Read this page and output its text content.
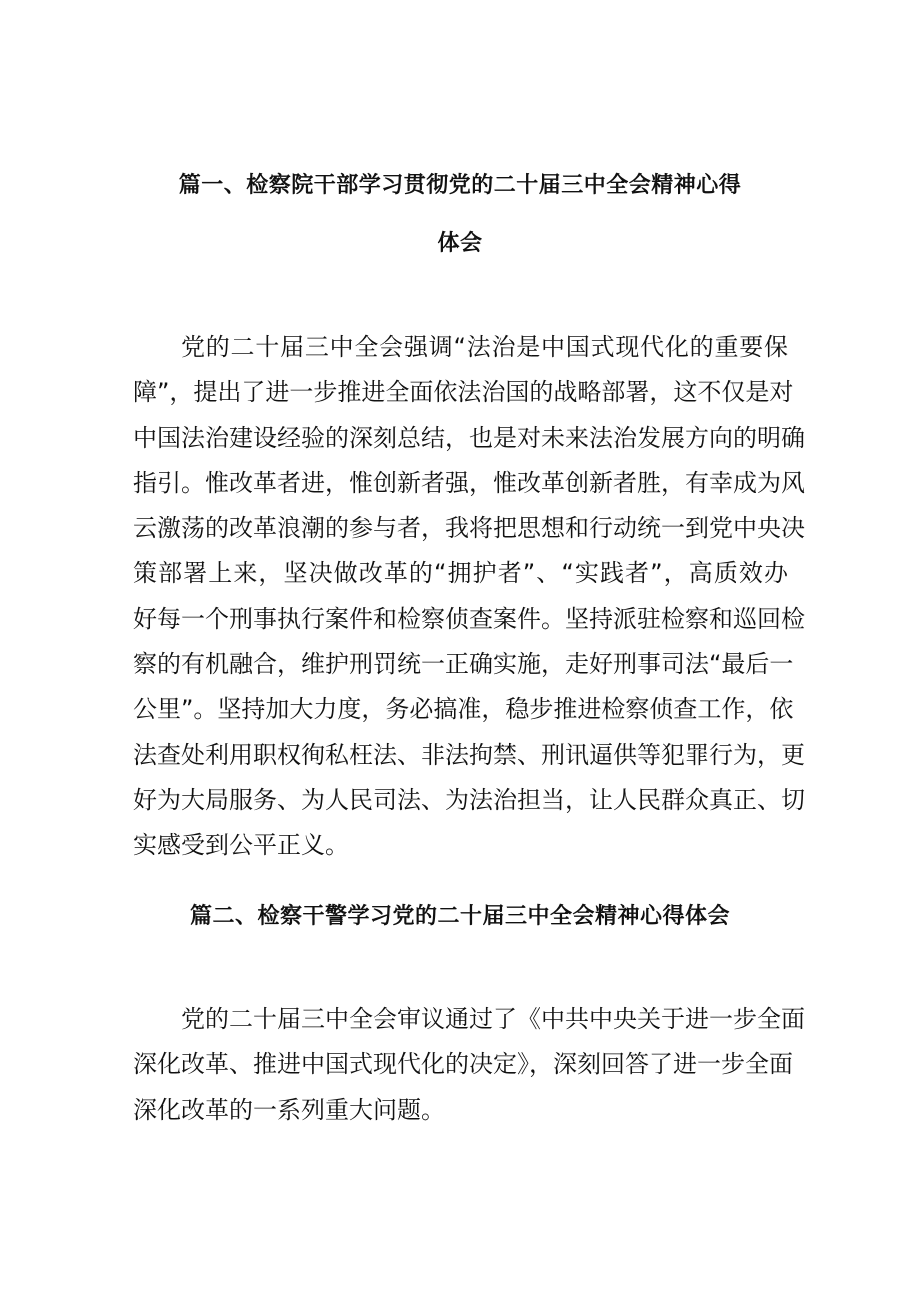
篇一、检察院干部学习贯彻党的二十届三中全会精神心得
体会
党的二十届三中全会强调“法治是中国式现代化的重要保
障”，提出了进一步推进全面依法治国的战略部署，这不仅是对
中国法治建设经验的深刻总结，也是对未来法治发展方向的明确
指引。惟改革者进，惟创新者强，惟改革创新者胜，有幸成为风
云激荡的改革浪潮的参与者，我将把思想和行动统一到党中央决
策部署上来，坚决做改革的“拥护者”、“实践者”，高质效办
好每一个刑事执行案件和检察侦查案件。坚持派驻检察和巡回检
察的有机融合，维护刑罚统一正确实施，走好刑事司法“最后一
公里”。坚持加大力度，务必搞准，稳步推进检察侦查工作，依
法查处利用职权徇私枉法、非法拘禁、刑讯逼供等犯罪行为，更
好为大局服务、为人民司法、为法治担当，让人民群众真正、切
实感受到公平正义。
篇二、检察干警学习党的二十届三中全会精神心得体会
党的二十届三中全会审议通过了《中共中央关于进一步全面
深化改革、推进中国式现代化的决定》，深刻回答了进一步全面
深化改革的一系列重大问题。
